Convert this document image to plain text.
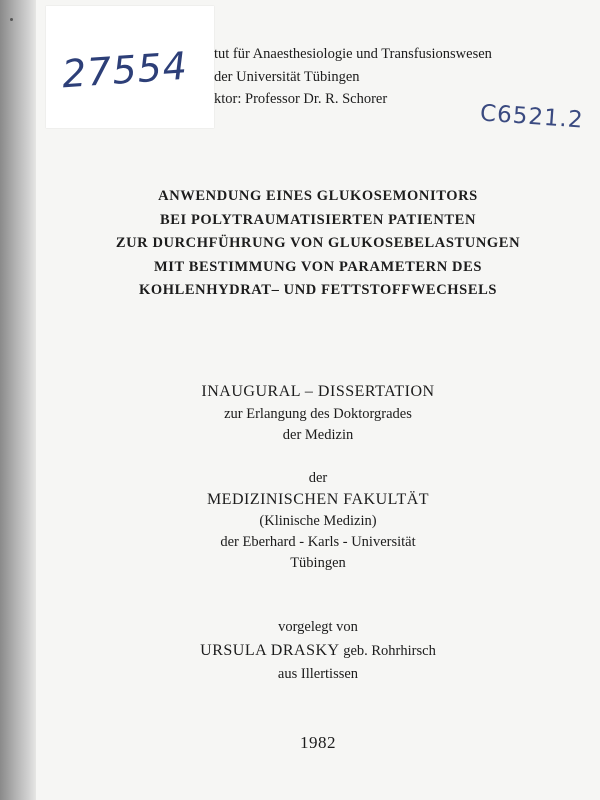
27554 tut für Anaesthesiologie und Transfusionswesen
der Universität Tübingen
ktor: Professor Dr. R. Schorer
C6521.2
ANWENDUNG EINES GLUKOSEMONITORS
BEI POLYTRAUMATISIERTEN PATIENTEN
ZUR DURCHFÜHRUNG VON GLUKOSEBELASTUNGEN
MIT BESTIMMUNG VON PARAMETERN DES
KOHLENHYDRAT– UND FETTSTOFFWECHSELS
INAUGURAL – DISSERTATION
zur Erlangung des Doktorgrades
der Medizin
der
MEDIZINISCHEN FAKULTÄT
(Klinische Medizin)
der Eberhard - Karls - Universität
Tübingen
vorgelegt von
URSULA DRASKY geb. Rohrhirsch
aus Illertissen
1982
